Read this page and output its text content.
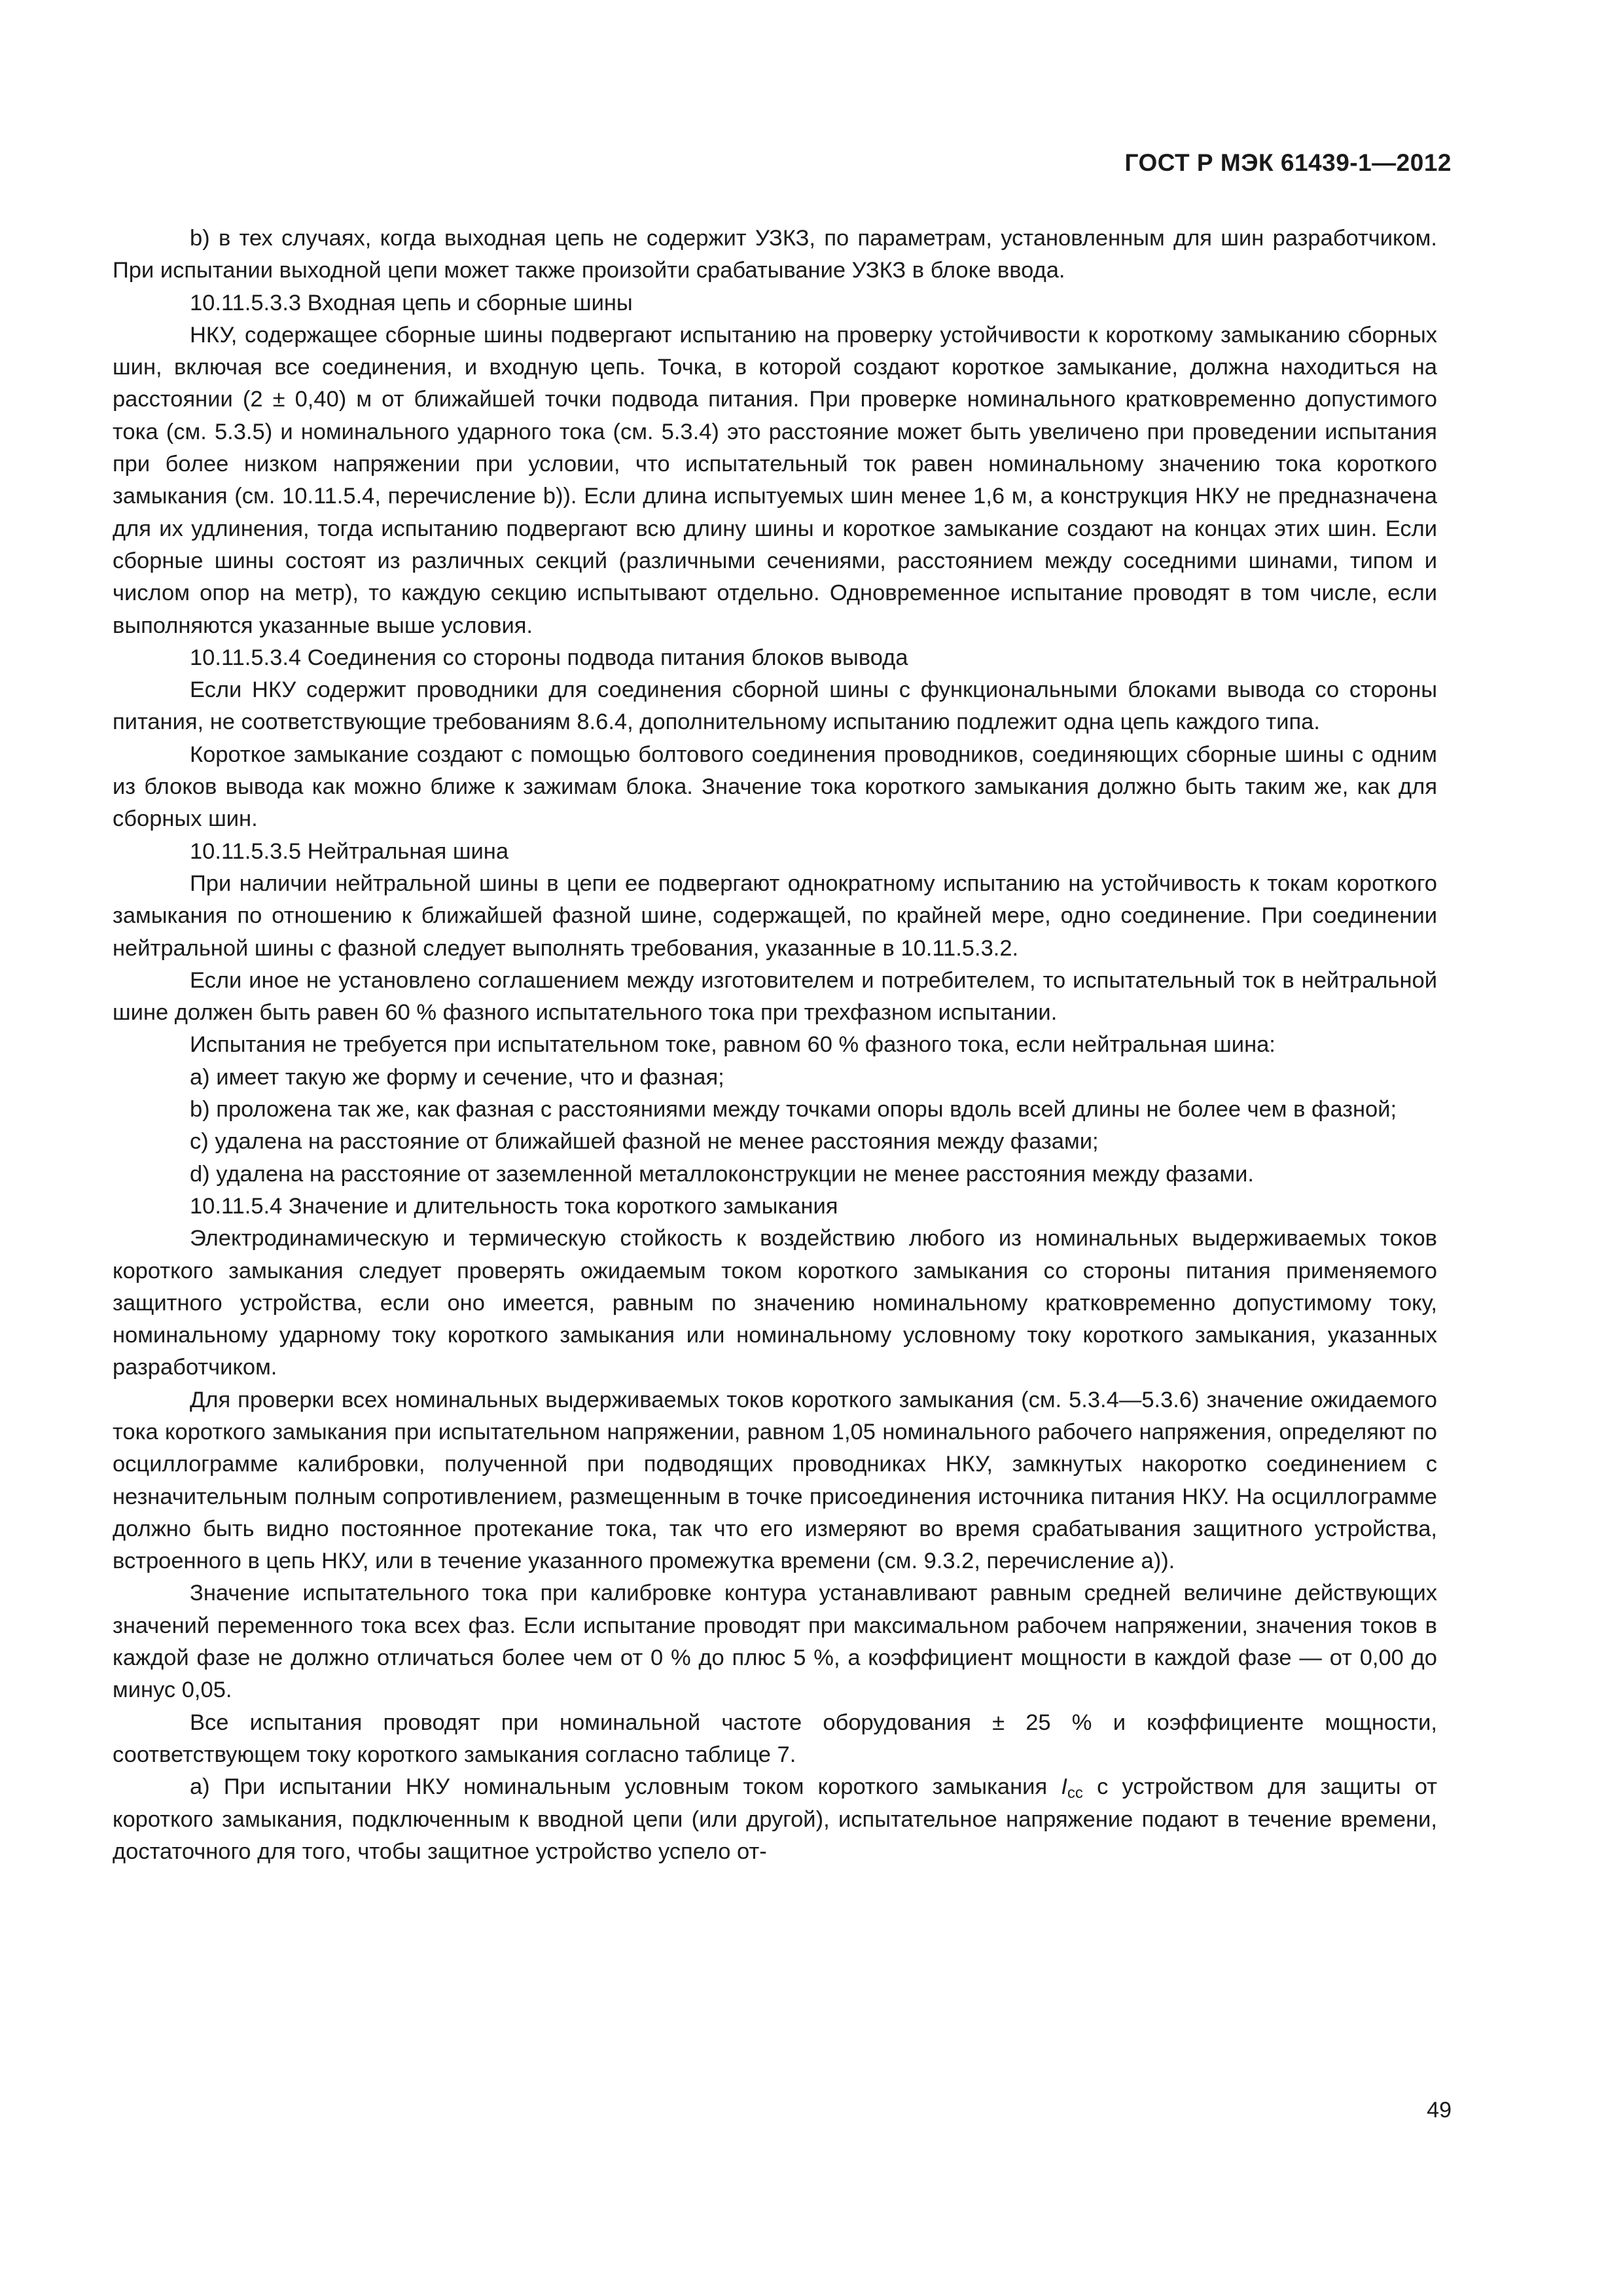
ГОСТ Р МЭК 61439-1—2012

b) в тех случаях, когда выходная цепь не содержит УЗКЗ, по параметрам, установленным для шин разработчиком. При испытании выходной цепи может также произойти срабатывание УЗКЗ в блоке ввода.

10.11.5.3.3 Входная цепь и сборные шины

НКУ, содержащее сборные шины подвергают испытанию на проверку устойчивости к короткому замыканию сборных шин, включая все соединения, и входную цепь. Точка, в которой создают короткое замыкание, должна находиться на расстоянии (2 ± 0,40) м от ближайшей точки подвода питания. При проверке номинального кратковременно допустимого тока (см. 5.3.5) и номинального ударного тока (см. 5.3.4) это расстояние может быть увеличено при проведении испытания при более низком напряжении при условии, что испытательный ток равен номинальному значению тока короткого замыкания (см. 10.11.5.4, перечисление b)). Если длина испытуемых шин менее 1,6 м, а конструкция НКУ не предназначена для их удлинения, тогда испытанию подвергают всю длину шины и короткое замыкание создают на концах этих шин. Если сборные шины состоят из различных секций (различными сечениями, расстоянием между соседними шинами, типом и числом опор на метр), то каждую секцию испытывают отдельно. Одновременное испытание проводят в том числе, если выполняются указанные выше условия.

10.11.5.3.4 Соединения со стороны подвода питания блоков вывода

Если НКУ содержит проводники для соединения сборной шины с функциональными блоками вывода со стороны питания, не соответствующие требованиям 8.6.4, дополнительному испытанию подлежит одна цепь каждого типа.

Короткое замыкание создают с помощью болтового соединения проводников, соединяющих сборные шины с одним из блоков вывода как можно ближе к зажимам блока. Значение тока короткого замыкания должно быть таким же, как для сборных шин.

10.11.5.3.5 Нейтральная шина

При наличии нейтральной шины в цепи ее подвергают однократному испытанию на устойчивость к токам короткого замыкания по отношению к ближайшей фазной шине, содержащей, по крайней мере, одно соединение. При соединении нейтральной шины с фазной следует выполнять требования, указанные в 10.11.5.3.2.

Если иное не установлено соглашением между изготовителем и потребителем, то испытательный ток в нейтральной шине должен быть равен 60 % фазного испытательного тока при трехфазном испытании.

Испытания не требуется при испытательном токе, равном 60 % фазного тока, если нейтральная шина:

a) имеет такую же форму и сечение, что и фазная;

b) проложена так же, как фазная с расстояниями между точками опоры вдоль всей длины не более чем в фазной;

c) удалена на расстояние от ближайшей фазной не менее расстояния между фазами;

d) удалена на расстояние от заземленной металлоконструкции не менее расстояния между фазами.

10.11.5.4 Значение и длительность тока короткого замыкания

Электродинамическую и термическую стойкость к воздействию любого из номинальных выдерживаемых токов короткого замыкания следует проверять ожидаемым током короткого замыкания со стороны питания применяемого защитного устройства, если оно имеется, равным по значению номинальному кратковременно допустимому току, номинальному ударному току короткого замыкания или номинальному условному току короткого замыкания, указанных разработчиком.

Для проверки всех номинальных выдерживаемых токов короткого замыкания (см. 5.3.4—5.3.6) значение ожидаемого тока короткого замыкания при испытательном напряжении, равном 1,05 номинального рабочего напряжения, определяют по осциллограмме калибровки, полученной при подводящих проводниках НКУ, замкнутых накоротко соединением с незначительным полным сопротивлением, размещенным в точке присоединения источника питания НКУ. На осциллограмме должно быть видно постоянное протекание тока, так что его измеряют во время срабатывания защитного устройства, встроенного в цепь НКУ, или в течение указанного промежутка времени (см. 9.3.2, перечисление a)).

Значение испытательного тока при калибровке контура устанавливают равным средней величине действующих значений переменного тока всех фаз. Если испытание проводят при максимальном рабочем напряжении, значения токов в каждой фазе не должно отличаться более чем от 0 % до плюс 5 %, а коэффициент мощности в каждой фазе — от 0,00 до минус 0,05.

Все испытания проводят при номинальной частоте оборудования ± 25 % и коэффициенте мощности, соответствующем току короткого замыкания согласно таблице 7.

a) При испытании НКУ номинальным условным током короткого замыкания $I_{cc}$ с устройством для защиты от короткого замыкания, подключенным к вводной цепи (или другой), испытательное напряжение подают в течение времени, достаточного для того, чтобы защитное устройство успело от-

49
